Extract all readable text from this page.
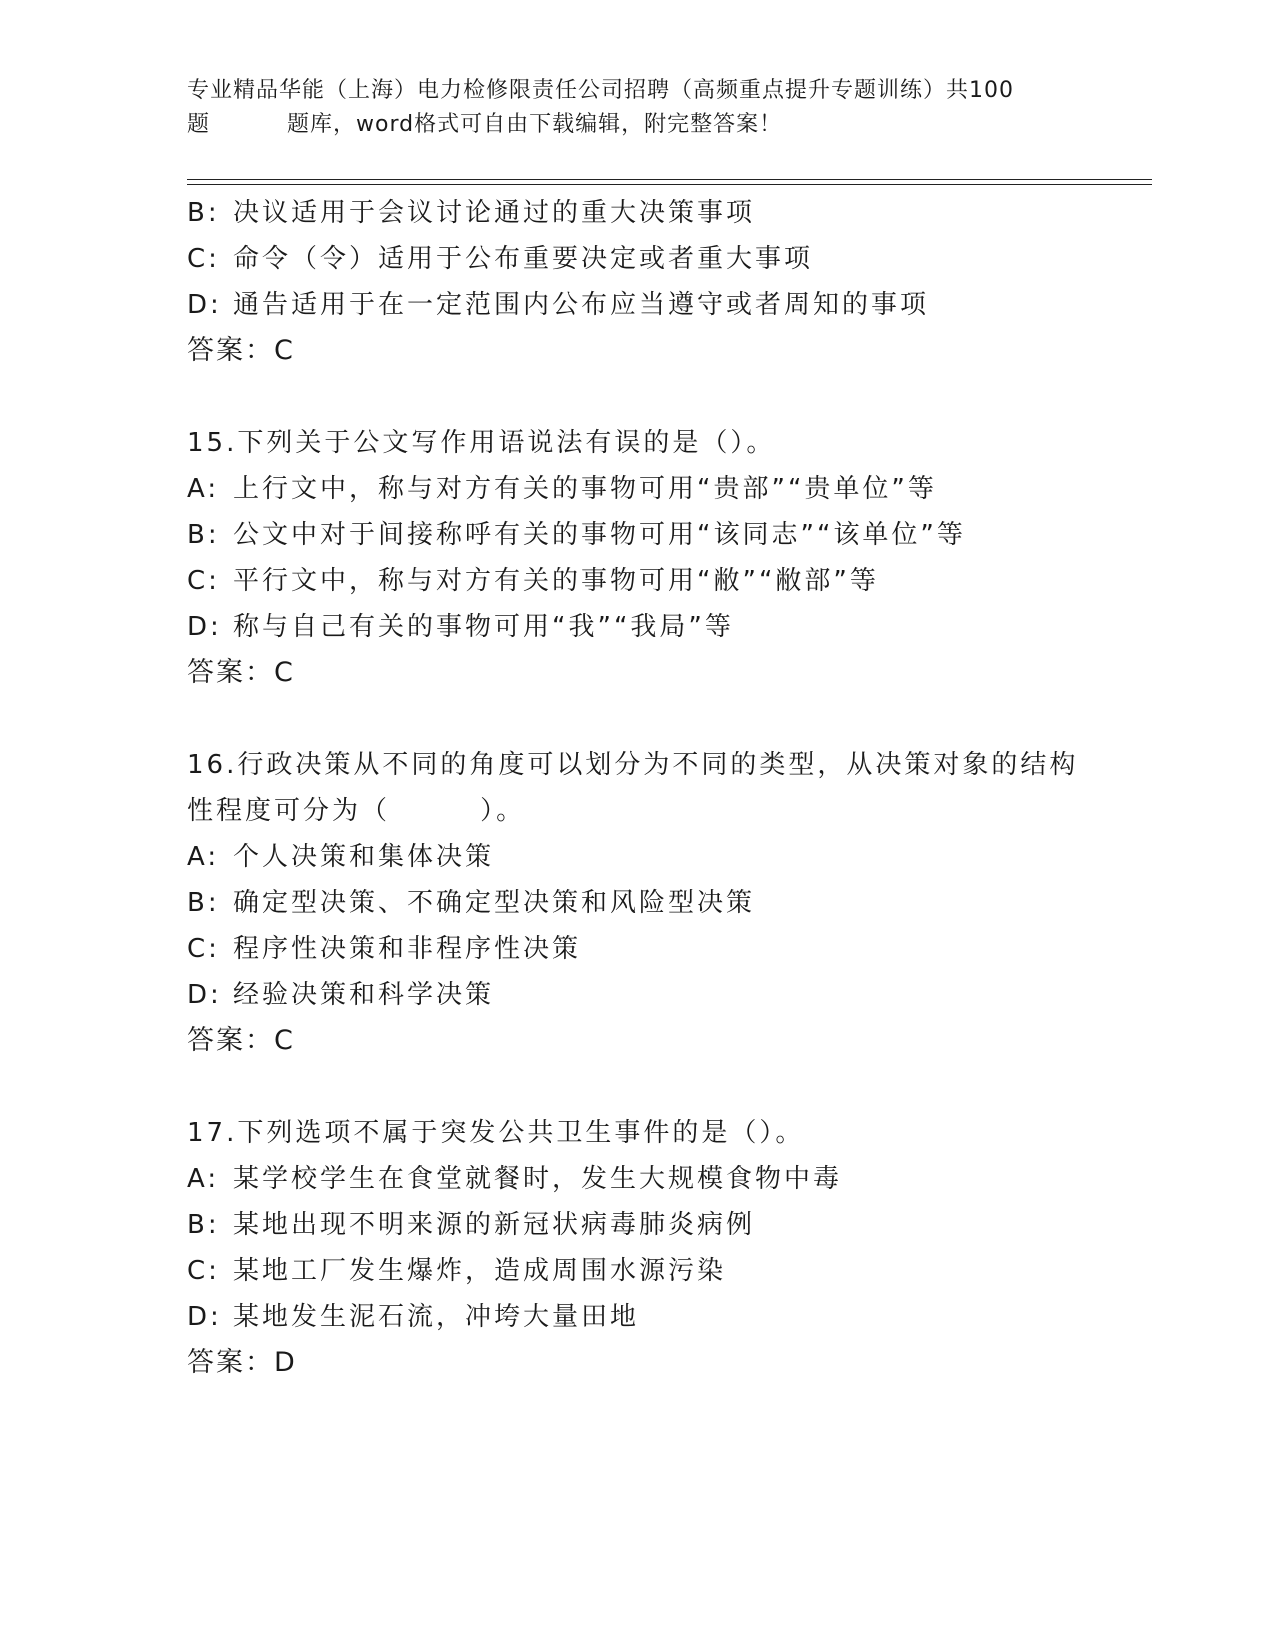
专业精品华能（上海）电力检修限责任公司招聘（高频重点提升专题训练）共100
题	题库，word格式可自由下载编辑，附完整答案！
B: 决议适用于会议讨论通过的重大决策事项
C: 命令（令）适用于公布重要决定或者重大事项
D: 通告适用于在一定范围内公布应当遵守或者周知的事项
答案：C
15.下列关于公文写作用语说法有误的是（）。
A: 上行文中，称与对方有关的事物可用“贵部”“贵单位”等
B: 公文中对于间接称呼有关的事物可用“该同志”“该单位”等
C: 平行文中，称与对方有关的事物可用“敝”“敝部”等
D: 称与自己有关的事物可用“我”“我局”等
答案：C
16.行政决策从不同的角度可以划分为不同的类型，从决策对象的结构
性程度可分为（        ）。
A: 个人决策和集体决策
B: 确定型决策、不确定型决策和风险型决策
C: 程序性决策和非程序性决策
D: 经验决策和科学决策
答案：C
17.下列选项不属于突发公共卫生事件的是（）。
A: 某学校学生在食堂就餐时，发生大规模食物中毒
B: 某地出现不明来源的新冠状病毒肺炎病例
C: 某地工厂发生爆炸，造成周围水源污染
D: 某地发生泥石流，冲垮大量田地
答案：D
